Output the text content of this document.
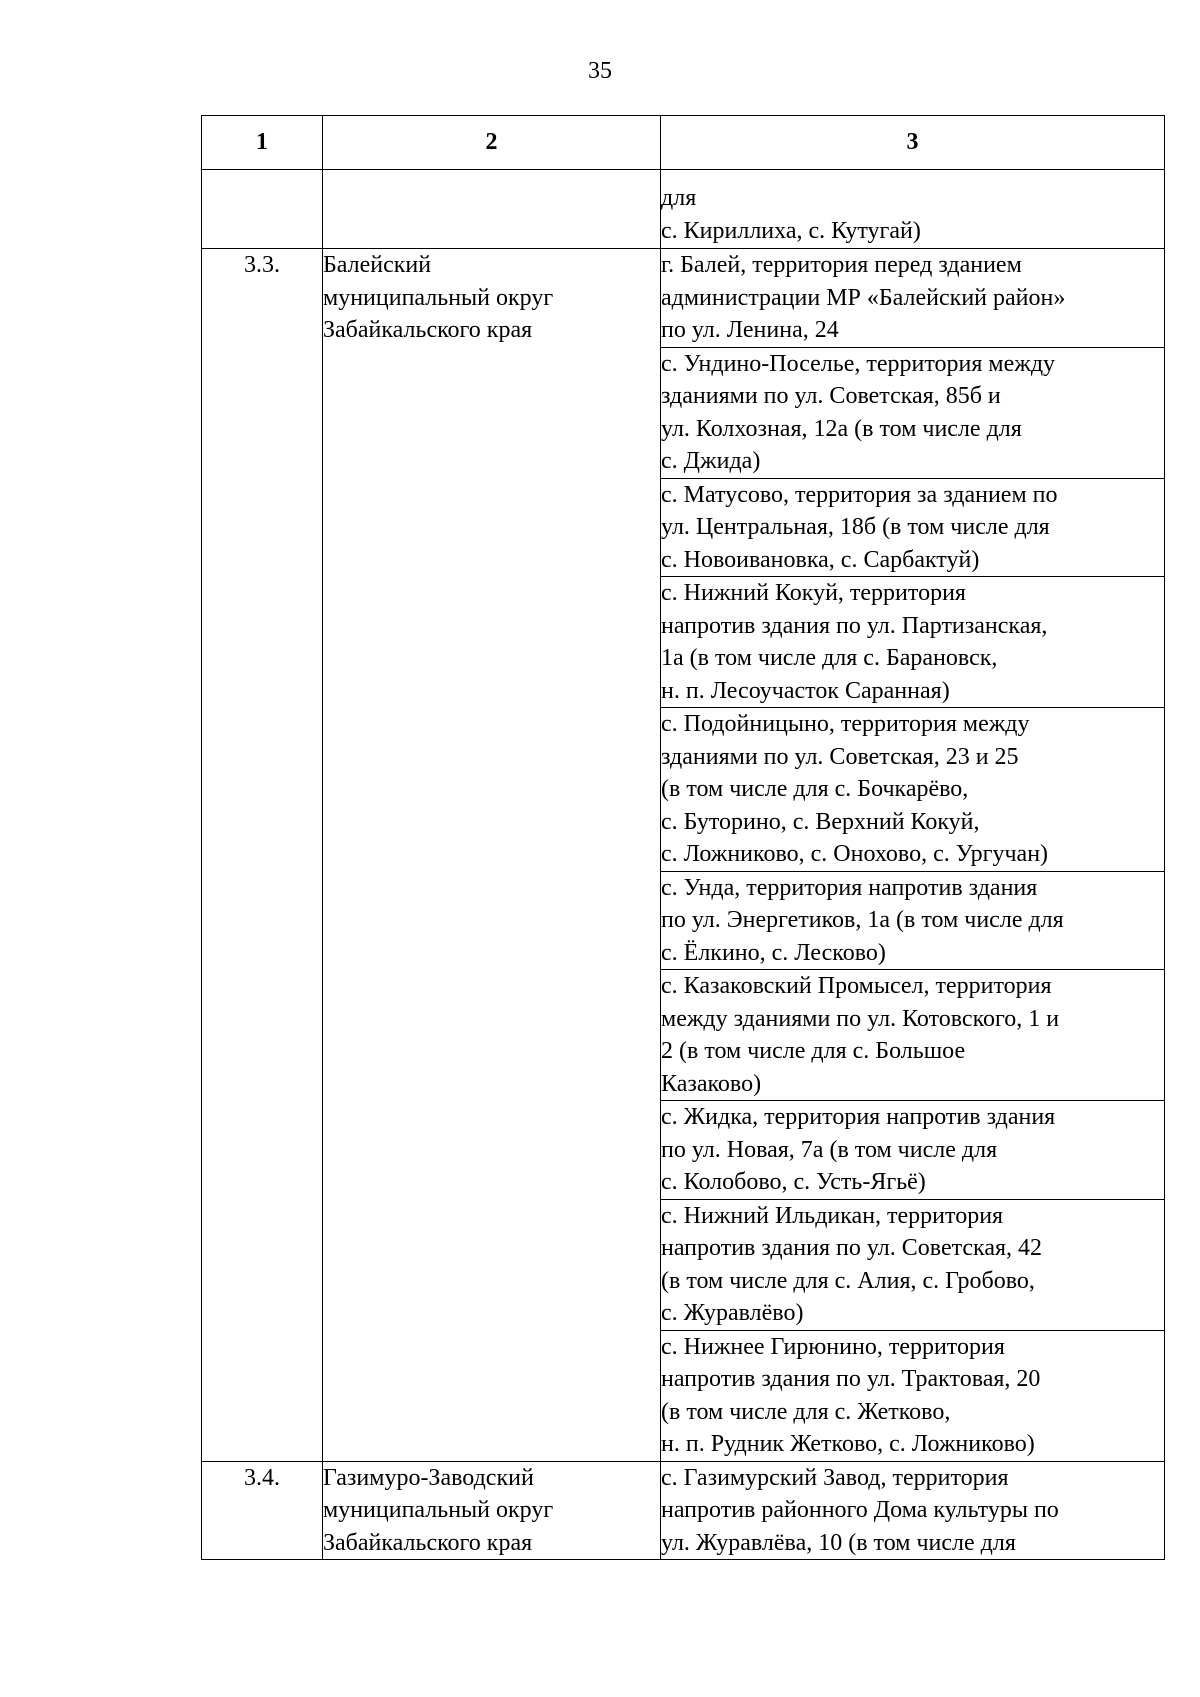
35
1	2	3

		для
с. Кириллиха, с. Кутугай)

3.3.	Балейский
муниципальный округ
Забайкальского края	г. Балей, территория перед зданием
администрации МР «Балейский район»
по ул. Ленина, 24

		с. Ундино-Поселье, территория между
зданиями по ул. Советская, 85б и
ул. Колхозная, 12а (в том числе для
с. Джида)

		с. Матусово, территория за зданием по
ул. Центральная, 18б (в том числе для
с. Новоивановка, с. Сарбактуй)

		с. Нижний Кокуй, территория
напротив здания по ул. Партизанская,
1а (в том числе для с. Барановск,
н. п. Лесоучасток Саранная)

		с. Подойницыно, территория между
зданиями по ул. Советская, 23 и 25
(в том числе для с. Бочкарёво,
с. Буторино, с. Верхний Кокуй,
с. Ложниково, с. Онохово, с. Ургучан)

		с. Унда, территория напротив здания
по ул. Энергетиков, 1а (в том числе для
с. Ёлкино, с. Лесково)

		с. Казаковский Промысел, территория
между зданиями по ул. Котовского, 1 и
2 (в том числе для с. Большое
Казаково)

		с. Жидка, территория напротив здания
по ул. Новая, 7а (в том числе для
с. Колобово, с. Усть-Ягьё)

		с. Нижний Ильдикан, территория
напротив здания по ул. Советская, 42
(в том числе для с. Алия, с. Гробово,
с. Журавлёво)

		с. Нижнее Гирюнино, территория
напротив здания по ул. Трактовая, 20
(в том числе для с. Жетково,
н. п. Рудник Жетково, с. Ложниково)

3.4.	Газимуро-Заводский
муниципальный округ
Забайкальского края	с. Газимурский Завод, территория
напротив районного Дома культуры по
ул. Журавлёва, 10 (в том числе для
